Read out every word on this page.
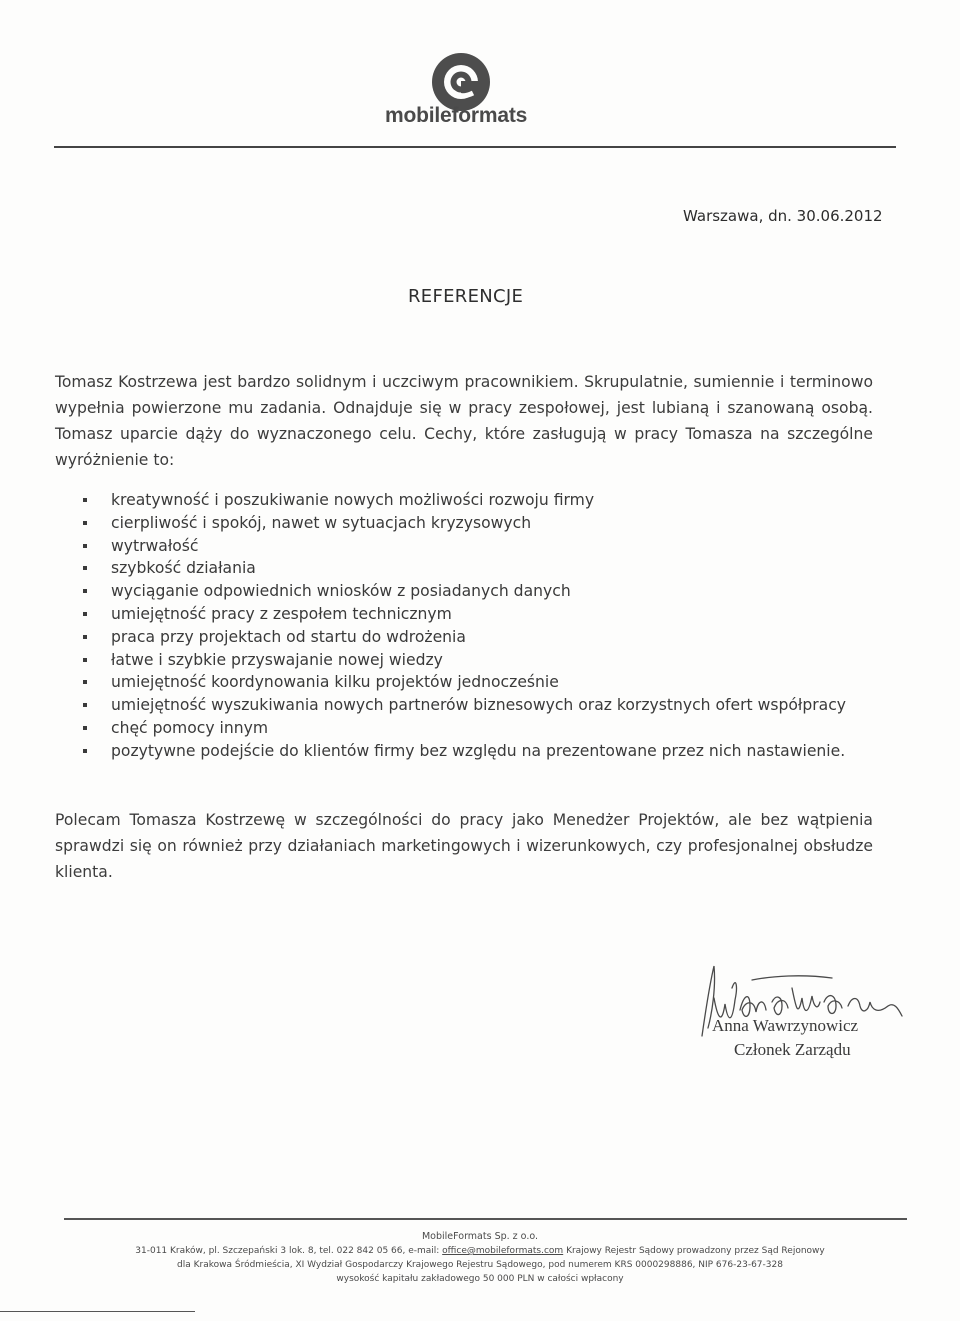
mobileformats
Warszawa, dn. 30.06.2012
REFERENCJE
Tomasz Kostrzewa jest bardzo solidnym i uczciwym pracownikiem. Skrupulatnie, sumiennie i terminowo
wypełnia powierzone mu zadania. Odnajduje się w pracy zespołowej, jest lubianą i szanowaną osobą.
Tomasz uparcie dąży do wyznaczonego celu. Cechy, które zasługują w pracy Tomasza na szczególne
wyróżnienie to:
kreatywność i poszukiwanie nowych możliwości rozwoju firmy
cierpliwość i spokój, nawet w sytuacjach kryzysowych
wytrwałość
szybkość działania
wyciąganie odpowiednich wniosków z posiadanych danych
umiejętność pracy z zespołem technicznym
praca przy projektach od startu do wdrożenia
łatwe i szybkie przyswajanie nowej wiedzy
umiejętność koordynowania kilku projektów jednocześnie
umiejętność wyszukiwania nowych partnerów biznesowych oraz korzystnych ofert współpracy
chęć pomocy innym
pozytywne podejście do klientów firmy bez względu na prezentowane przez nich nastawienie.
Polecam Tomasza Kostrzewę w szczególności do pracy jako Menedżer Projektów, ale bez wątpienia
sprawdzi się on również przy działaniach marketingowych i wizerunkowych, czy profesjonalnej obsłudze
klienta.
Anna Wawrzynowicz
Członek Zarządu
MobileFormats Sp. z o.o.
31-011 Kraków, pl. Szczepański 3 lok. 8, tel. 022 842 05 66, e-mail: office@mobileformats.com Krajowy Rejestr Sądowy prowadzony przez Sąd Rejonowy
dla Krakowa Śródmieścia, XI Wydział Gospodarczy Krajowego Rejestru Sądowego, pod numerem KRS 0000298886, NIP 676-23-67-328
wysokość kapitału zakładowego 50 000 PLN w całości wpłacony
